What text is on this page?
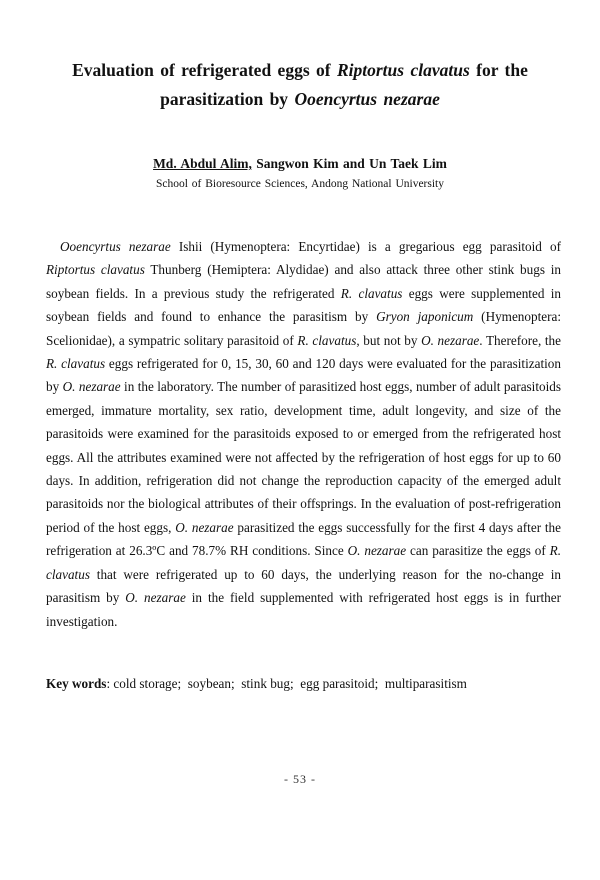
Evaluation of refrigerated eggs of Riptortus clavatus for the parasitization by Ooencyrtus nezarae
Md. Abdul Alim, Sangwon Kim and Un Taek Lim
School of Bioresource Sciences, Andong National University

Ooencyrtus nezarae Ishii (Hymenoptera: Encyrtidae) is a gregarious egg parasitoid of Riptortus clavatus Thunberg (Hemiptera: Alydidae) and also attack three other stink bugs in soybean fields. In a previous study the refrigerated R. clavatus eggs were supplemented in soybean fields and found to enhance the parasitism by Gryon japonicum (Hymenoptera: Scelionidae), a sympatric solitary parasitoid of R. clavatus, but not by O. nezarae. Therefore, the R. clavatus eggs refrigerated for 0, 15, 30, 60 and 120 days were evaluated for the parasitization by O. nezarae in the laboratory. The number of parasitized host eggs, number of adult parasitoids emerged, immature mortality, sex ratio, development time, adult longevity, and size of the parasitoids were examined for the parasitoids exposed to or emerged from the refrigerated host eggs. All the attributes examined were not affected by the refrigeration of host eggs for up to 60 days. In addition, refrigeration did not change the reproduction capacity of the emerged adult parasitoids nor the biological attributes of their offsprings. In the evaluation of post-refrigeration period of the host eggs, O. nezarae parasitized the eggs successfully for the first 4 days after the refrigeration at 26.3ºC and 78.7% RH conditions. Since O. nezarae can parasitize the eggs of R. clavatus that were refrigerated up to 60 days, the underlying reason for the no-change in parasitism by O. nezarae in the field supplemented with refrigerated host eggs is in further investigation.

Key words: cold storage;  soybean;  stink bug;  egg parasitoid;  multiparasitism

- 53 -
